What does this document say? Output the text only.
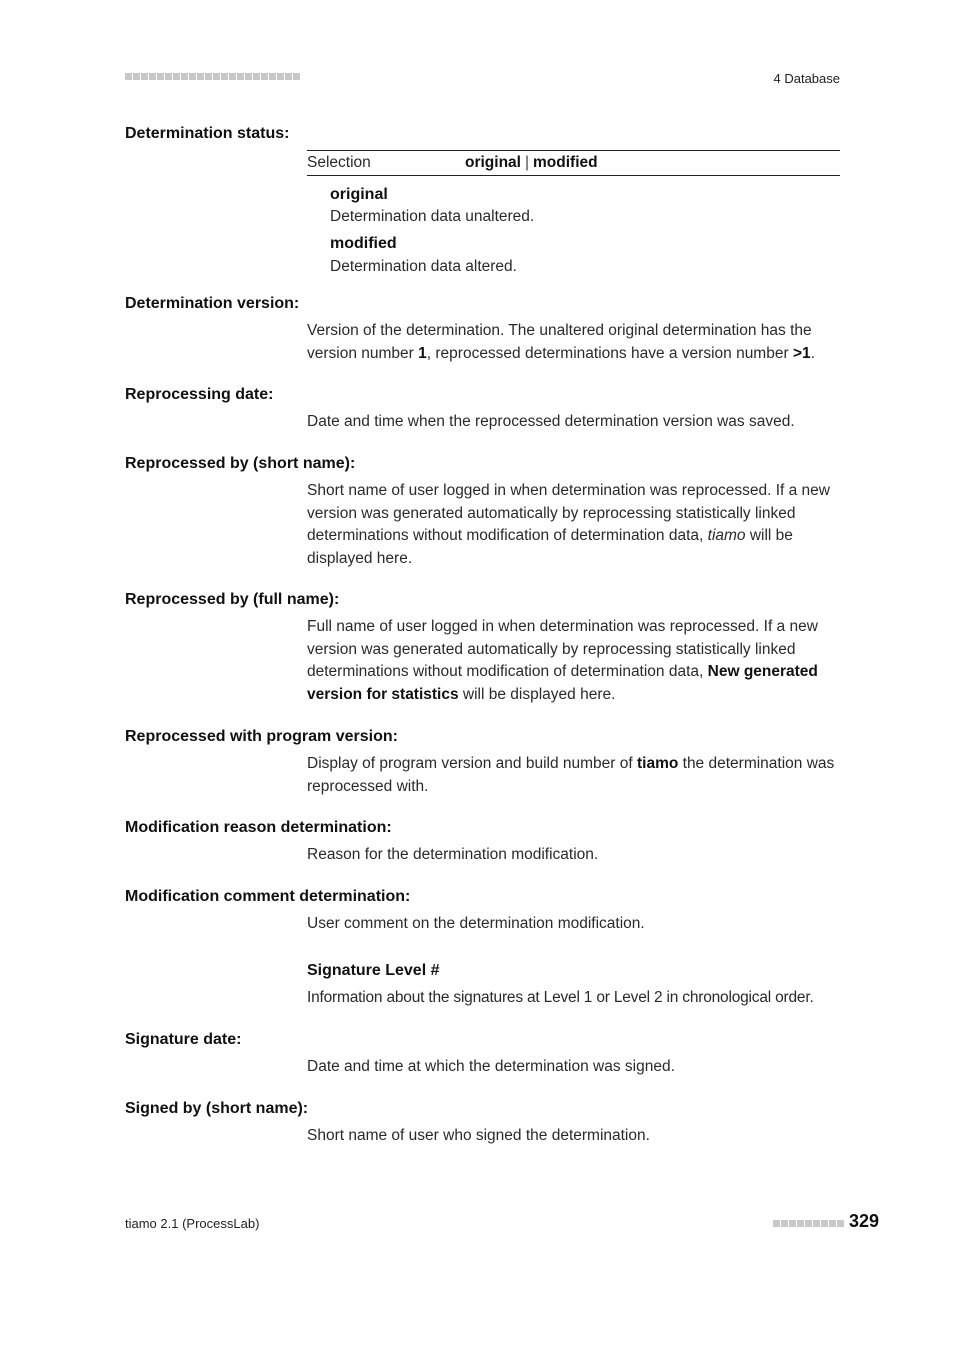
4 Database
Determination status:
Selection	original | modified
original
Determination data unaltered.
modified
Determination data altered.
Determination version:
Version of the determination. The unaltered original determination has the version number 1, reprocessed determinations have a version number >1.
Reprocessing date:
Date and time when the reprocessed determination version was saved.
Reprocessed by (short name):
Short name of user logged in when determination was reprocessed. If a new version was generated automatically by reprocessing statistically linked determinations without modification of determination data, tiamo will be displayed here.
Reprocessed by (full name):
Full name of user logged in when determination was reprocessed. If a new version was generated automatically by reprocessing statistically linked determinations without modification of determination data, New generated version for statistics will be displayed here.
Reprocessed with program version:
Display of program version and build number of tiamo the determination was reprocessed with.
Modification reason determination:
Reason for the determination modification.
Modification comment determination:
User comment on the determination modification.
Signature Level #
Information about the signatures at Level 1 or Level 2 in chronological order.
Signature date:
Date and time at which the determination was signed.
Signed by (short name):
Short name of user who signed the determination.
tiamo 2.1 (ProcessLab)	329
